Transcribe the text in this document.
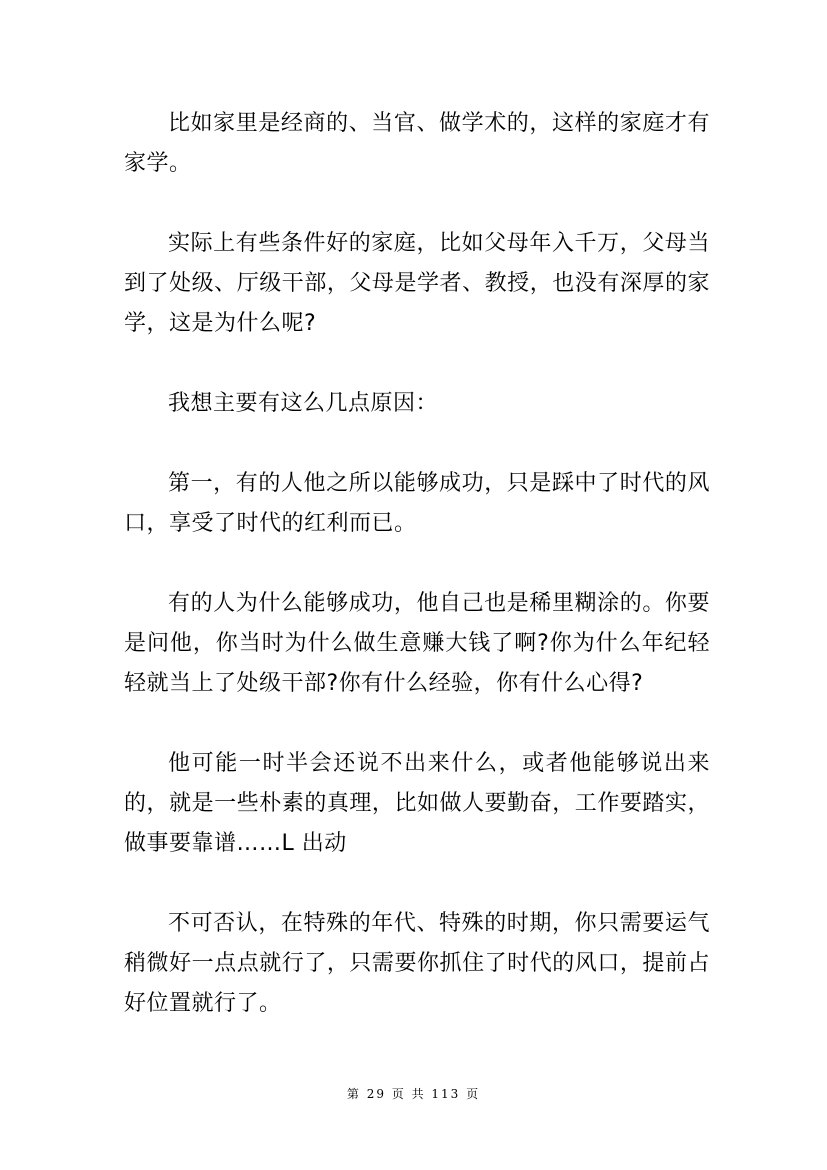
比如家里是经商的、当官、做学术的，这样的家庭才有家学。

实际上有些条件好的家庭，比如父母年入千万，父母当到了处级、厅级干部，父母是学者、教授，也没有深厚的家学，这是为什么呢?

我想主要有这么几点原因：

第一，有的人他之所以能够成功，只是踩中了时代的风口，享受了时代的红利而已。

有的人为什么能够成功，他自己也是稀里糊涂的。你要是问他，你当时为什么做生意赚大钱了啊?你为什么年纪轻轻就当上了处级干部?你有什么经验，你有什么心得?

他可能一时半会还说不出来什么，或者他能够说出来的，就是一些朴素的真理，比如做人要勤奋，工作要踏实，做事要靠谱……L 出动

不可否认，在特殊的年代、特殊的时期，你只需要运气稍微好一点点就行了，只需要你抓住了时代的风口，提前占好位置就行了。

第 29 页 共 113 页
